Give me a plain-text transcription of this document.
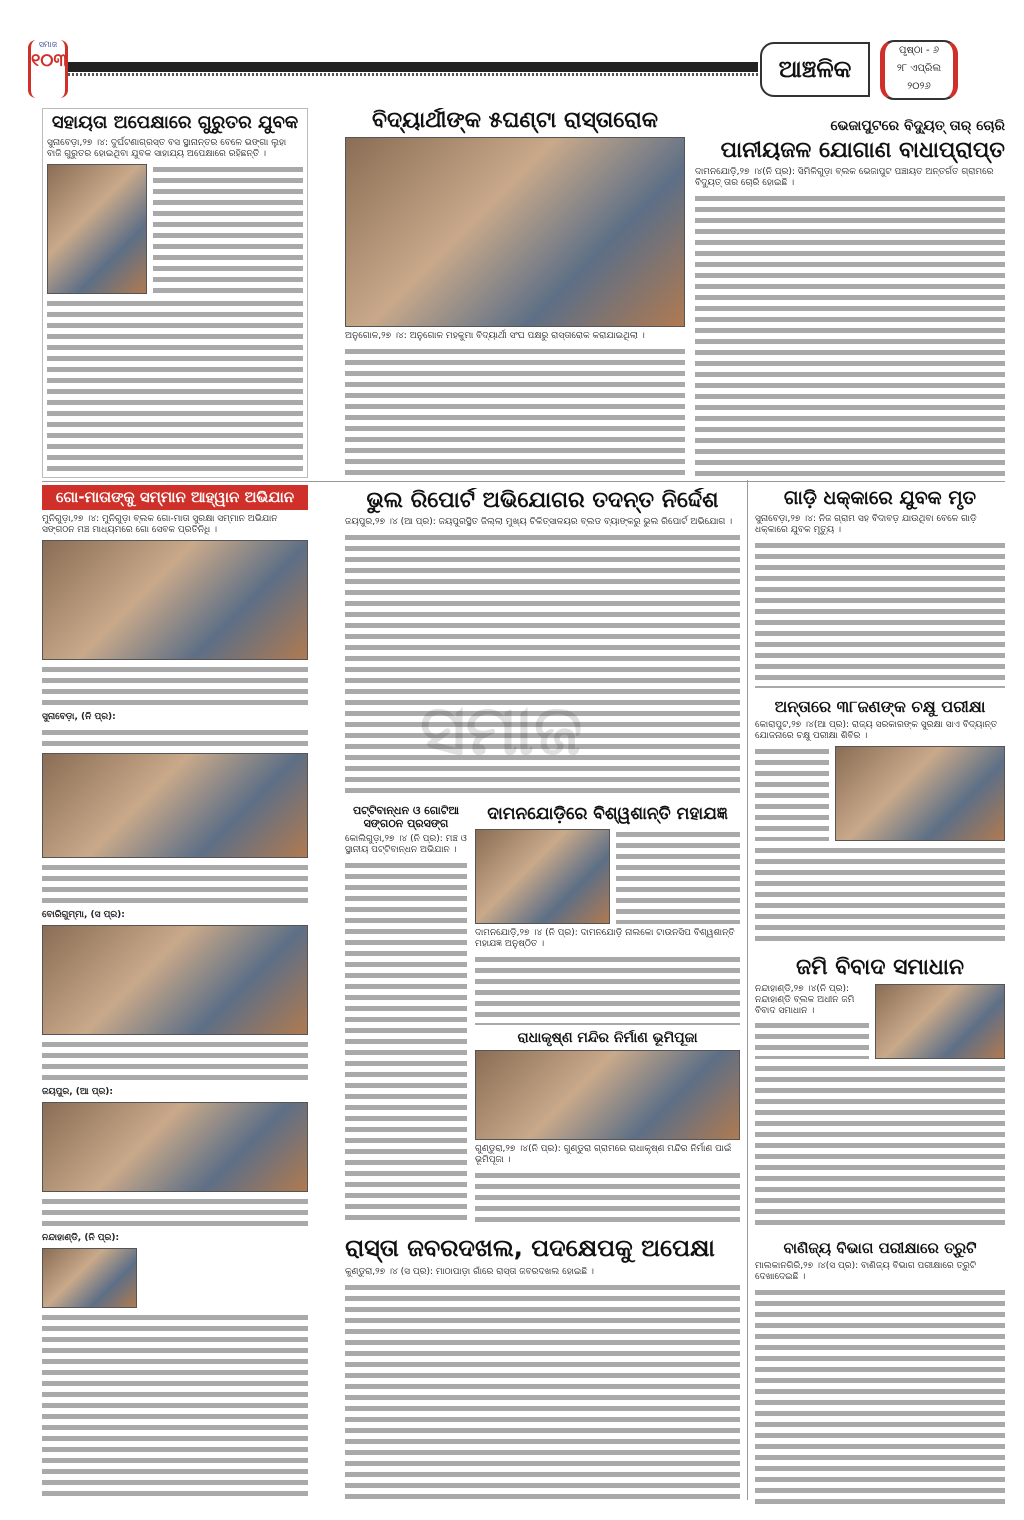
ସମାଜ
୧୦୩	ଆଞ୍ଚଳିକ
ପୃଷ୍ଠା - ୬
୨୮ ଏପ୍ରିଲ
୨୦୨୬
ସହାୟତା ଅପେକ୍ଷାରେ ଗୁରୁତର ଯୁବକ
ସୁନାବେଡ଼ା,୨୭ ।୪: ଦୁର୍ଘଟଣାଗ୍ରସ୍ତ ବସ ସ୍ଥାନାନ୍ତର ବେଳେ ଭଙ୍ଗା ଲୁହା ବାଜି ଗୁରୁତର ହୋଇଥିବା ଯୁବକ ସାହାଯ୍ୟ ଅପେକ୍ଷାରେ ରହିଛନ୍ତି ।
ବିଦ୍ୟାର୍ଥୀଙ୍କ ୫ଘଣ୍ଟା ରାସ୍ତାରୋକ
ଅନୁଗୋଳ,୨୭ ।୪: ଅନୁଗୋଳ ମହକୁମା ବିଦ୍ୟାର୍ଥୀ ସଂଘ ପକ୍ଷରୁ ରାସ୍ତାରୋକ କରାଯାଇଥିଲା ।
ଭେଜାପୁଟରେ ବିଦ୍ୟୁତ୍ ତାର୍ ଚୋରି
ପାନୀୟଜଳ ଯୋଗାଣ ବାଧାପ୍ରାପ୍ତ
ଦାମନଯୋଡ଼ି,୨୭ ।୪(ନି ପ୍ର): ସିମିଳିଗୁଡ଼ା ବ୍ଲକ ଭେଜାପୁଟ ପଞ୍ଚାୟତ ଅନ୍ତର୍ଗତ ଗ୍ରାମରେ ବିଦ୍ୟୁତ୍ ତାର ଚୋରି ହୋଇଛି ।
ଗୋ-ମାତାଙ୍କୁ ସମ୍ମାନ ଆହ୍ୱାନ ଅଭିଯାନ
ମୁନିଗୁଡ଼ା,୨୭ ।୪: ମୁନିଗୁଡ଼ା ବ୍ଲକ ଗୋ-ମାତା ସୁରକ୍ଷା ସମ୍ମାନ ଅଭିଯାନ ସଙ୍ଗଠନ ମଞ୍ଚ ମାଧ୍ୟମରେ ଗୋ ସେବକ ପ୍ରତିନିଧି ।
ସୁନାବେଡ଼ା, (ନି ପ୍ର):
ବୋରିଗୁମ୍ମା, (ସ ପ୍ର):
ଜୟପୁର, (ଆ ପ୍ର):
ନନ୍ଦାହାଣ୍ଡି, (ନି ପ୍ର):
ଭୁଲ ରିପୋର୍ଟ ଅଭିଯୋଗର ତଦନ୍ତ ନିର୍ଦ୍ଦେଶ
ଜୟପୁର,୨୭ ।୪ (ଆ ପ୍ର): ଜୟପୁରସ୍ଥିତ ଜିଲ୍ଲା ମୁଖ୍ୟ ଚିକିତ୍ସାଳୟର ବ୍ଲଡ ବ୍ୟାଙ୍କରୁ ଭୁଲ ରିପୋର୍ଟ ଅଭିଯୋଗ ।
ଗାଡ଼ି ଧକ୍କାରେ ଯୁବକ ମୃତ
ସୁନାବେଡ଼ା,୨୭ ।୪: ନିଜ ଗ୍ରାମ ସହ ବିଦାବଡ଼ ଯାଉଥିବା ବେଳେ ଗାଡ଼ି ଧକ୍କାରେ ଯୁବକ ମୃତ୍ୟୁ ।
ଅନ୍ତାରେ ୩୮ଜଣଙ୍କ ଚକ୍ଷୁ ପରୀକ୍ଷା
କୋରାପୁଟ,୨୭ ।୪(ଆ ପ୍ର): ରାଜ୍ୟ ସରକାରଙ୍କ ସୁରକ୍ଷା ସାଏ ବିଦ୍ୟାନ୍ତ ଯୋଜନାରେ ଚକ୍ଷୁ ପରୀକ୍ଷା ଶିବିର ।
ପଟ୍ଟିବାନ୍ଧନ ଓ ଗୋଟିଆ ସଙ୍ଗଠନ ପ୍ରସଙ୍ଗ
କୋଲିଗୁଡ଼ା,୨୭ ।୪ (ନି ପ୍ର): ମଞ୍ଚ ଓ ସ୍ଥାନୀୟ ପଟ୍ଟିବାନ୍ଧନ ଅଭିଯାନ ।
ଦାମନଯୋଡ଼ିରେ ବିଶ୍ୱଶାନ୍ତି ମହାଯଜ୍ଞ
ଦାମନଯୋଡ଼ି,୨୭ ।୪ (ନି ପ୍ର): ଦାମନଯୋଡ଼ି ନାଲକୋ ଟାଉନସିପ ବିଶ୍ୱଶାନ୍ତି ମହାଯଜ୍ଞ ଅନୁଷ୍ଠିତ ।
ରାଧାକୃଷ୍ଣ ମନ୍ଦିର ନିର୍ମାଣ ଭୂମିପୂଜା
ଗୁଣ୍ଡୁରା,୨୭ ।୪(ନି ପ୍ର): ଗୁଣ୍ଡୁରା ଗ୍ରାମରେ ରାଧାକୃଷ୍ଣ ମନ୍ଦିର ନିର୍ମାଣ ପାଇଁ ଭୂମିପୂଜା ।
ଜମି ବିବାଦ ସମାଧାନ
ନନ୍ଦାହାଣ୍ଡି,୨୭ ।୪(ନି ପ୍ର): ନନ୍ଦାହାଣ୍ଡି ବ୍ଲକ ଅଧୀନ ଜମି ବିବାଦ ସମାଧାନ ।
ରାସ୍ତା ଜବରଦଖଲ, ପଦକ୍ଷେପକୁ ଅପେକ୍ଷା
କୁଣ୍ଡୁରା,୨୭ ।୪ (ସ ପ୍ର): ମାଠାପାଡ଼ା ଗାଁରେ ରାସ୍ତା ଜବରଦଖଲ ହୋଇଛି ।
ବାଣିଜ୍ୟ ବିଭାଗ ପରୀକ୍ଷାରେ ତ୍ରୁଟି
ମାଲକାନଗିରି,୨୭ ।୪(ସ ପ୍ର): ବାଣିଜ୍ୟ ବିଭାଗ ପରୀକ୍ଷାରେ ତ୍ରୁଟି ଦେଖାଦେଇଛି ।
